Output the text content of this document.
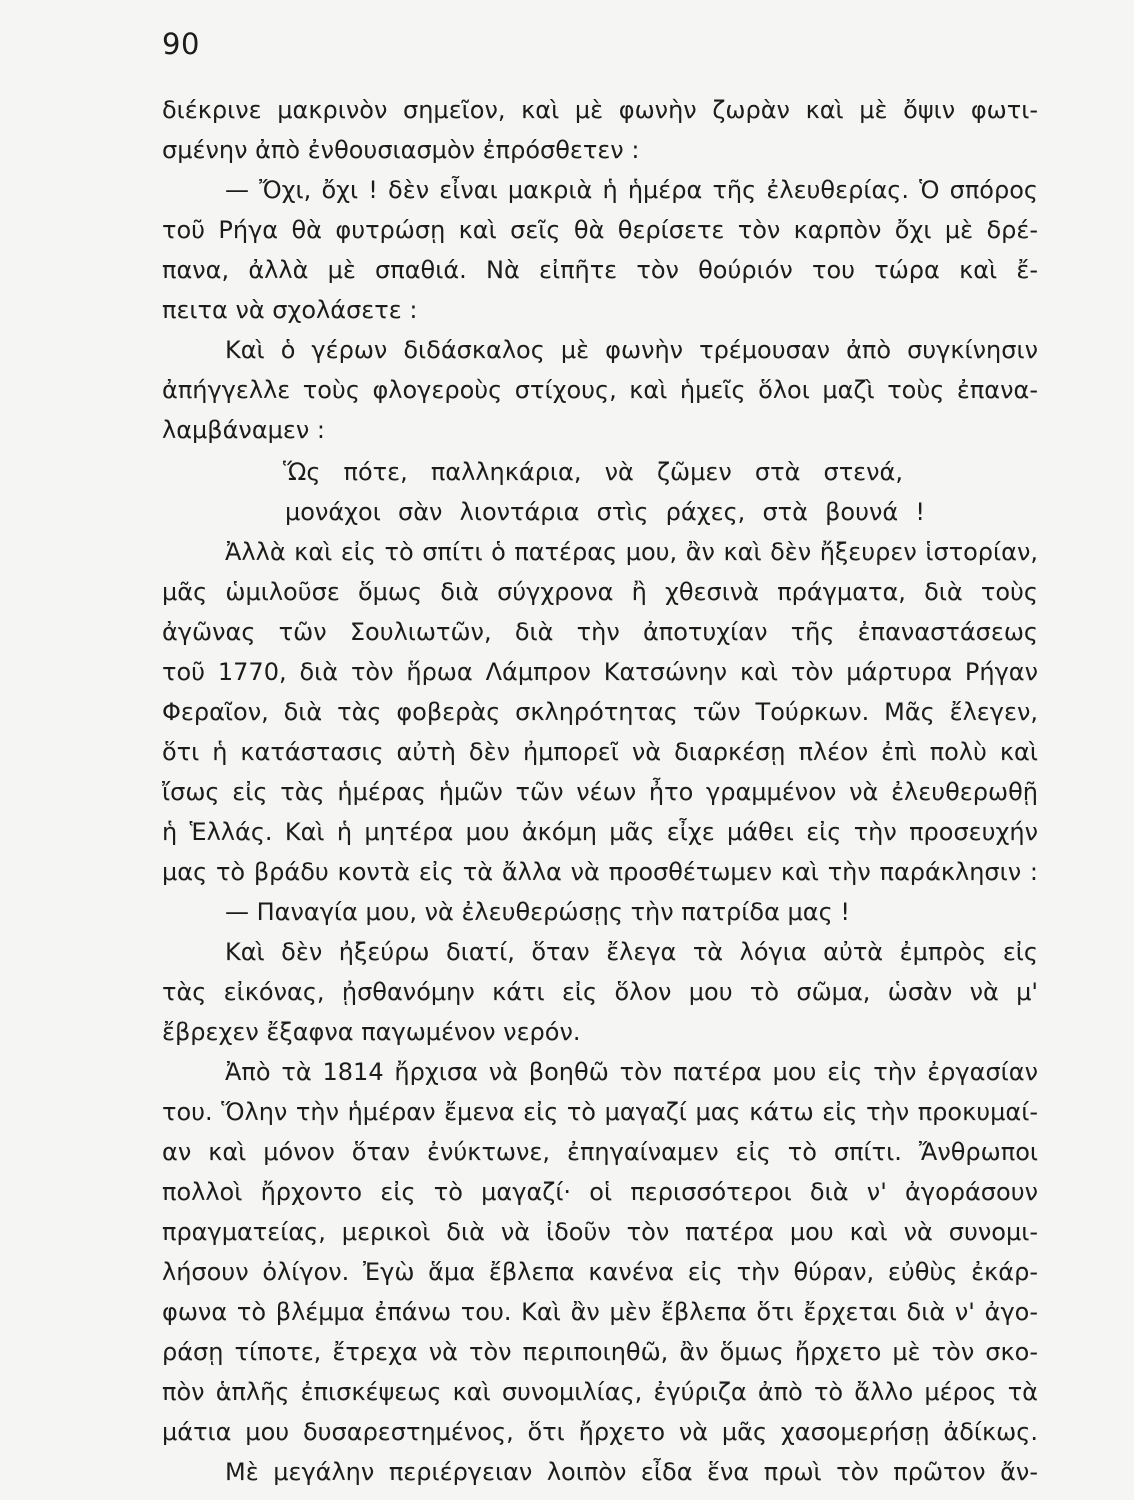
90
διέκρινε μακρινὸν σημεῖον, καὶ μὲ φωνὴν ζωρὰν καὶ μὲ ὄψιν φωτι-
σμένην ἀπὸ ἐνθουσιασμὸν ἐπρόσθετεν :
— Ὄχι, ὄχι ! δὲν εἶναι μακριὰ ἡ ἡμέρα τῆς ἐλευθερίας. Ὁ σπόρος
τοῦ Ρήγα θὰ φυτρώσῃ καὶ σεῖς θὰ θερίσετε τὸν καρπὸν ὄχι μὲ δρέ-
πανα, ἀλλὰ μὲ σπαθιά. Νὰ εἰπῆτε τὸν θούριόν του τώρα καὶ ἔ-
πειτα νὰ σχολάσετε :
Καὶ ὁ γέρων διδάσκαλος μὲ φωνὴν τρέμουσαν ἀπὸ συγκίνησιν
ἀπήγγελλε τοὺς φλογεροὺς στίχους, καὶ ἡμεῖς ὅλοι μαζὶ τοὺς ἐπανα-
λαμβάναμεν :
Ὥς πότε, παλληκάρια, νὰ ζῶμεν στὰ στενά,
μονάχοι σὰν λιοντάρια στὶς ράχες, στὰ βουνά !
Ἀλλὰ καὶ εἰς τὸ σπίτι ὁ πατέρας μου, ἂν καὶ δὲν ἤξευρεν ἱστορίαν,
μᾶς ὡμιλοῦσε ὅμως διὰ σύγχρονα ἢ χθεσινὰ πράγματα, διὰ τοὺς
ἀγῶνας τῶν Σουλιωτῶν, διὰ τὴν ἀποτυχίαν τῆς ἐπαναστάσεως
τοῦ 1770, διὰ τὸν ἥρωα Λάμπρον Κατσώνην καὶ τὸν μάρτυρα Ρήγαν
Φεραῖον, διὰ τὰς φοβερὰς σκληρότητας τῶν Τούρκων. Μᾶς ἔλεγεν,
ὅτι ἡ κατάστασις αὐτὴ δὲν ἠμπορεῖ νὰ διαρκέσῃ πλέον ἐπὶ πολὺ καὶ
ἴσως εἰς τὰς ἡμέρας ἡμῶν τῶν νέων ἦτο γραμμένον νὰ ἐλευθερωθῇ
ἡ Ἑλλάς. Καὶ ἡ μητέρα μου ἀκόμη μᾶς εἶχε μάθει εἰς τὴν προσευχήν
μας τὸ βράδυ κοντὰ εἰς τὰ ἄλλα νὰ προσθέτωμεν καὶ τὴν παράκλησιν :
— Παναγία μου, νὰ ἐλευθερώσῃς τὴν πατρίδα μας !
Καὶ δὲν ἠξεύρω διατί, ὅταν ἔλεγα τὰ λόγια αὐτὰ ἐμπρὸς εἰς
τὰς εἰκόνας, ᾐσθανόμην κάτι εἰς ὅλον μου τὸ σῶμα, ὡσὰν νὰ μ'
ἔβρεχεν ἔξαφνα παγωμένον νερόν.
Ἀπὸ τὰ 1814 ἤρχισα νὰ βοηθῶ τὸν πατέρα μου εἰς τὴν ἐργασίαν
του. Ὅλην τὴν ἡμέραν ἔμενα εἰς τὸ μαγαζί μας κάτω εἰς τὴν προκυμαί-
αν καὶ μόνον ὅταν ἐνύκτωνε, ἐπηγαίναμεν εἰς τὸ σπίτι. Ἄνθρωποι
πολλοὶ ἤρχοντο εἰς τὸ μαγαζί· οἱ περισσότεροι διὰ ν' ἀγοράσουν
πραγματείας, μερικοὶ διὰ νὰ ἰδοῦν τὸν πατέρα μου καὶ νὰ συνομι-
λήσουν ὀλίγον. Ἐγὼ ἅμα ἔβλεπα κανένα εἰς τὴν θύραν, εὐθὺς ἐκάρ-
φωνα τὸ βλέμμα ἐπάνω του. Καὶ ἂν μὲν ἔβλεπα ὅτι ἔρχεται διὰ ν' ἀγο-
ράσῃ τίποτε, ἔτρεχα νὰ τὸν περιποιηθῶ, ἂν ὅμως ἤρχετο μὲ τὸν σκο-
πὸν ἁπλῆς ἐπισκέψεως καὶ συνομιλίας, ἐγύριζα ἀπὸ τὸ ἄλλο μέρος τὰ
μάτια μου δυσαρεστημένος, ὅτι ἤρχετο νὰ μᾶς χασομερήσῃ ἀδίκως.
Μὲ μεγάλην περιέργειαν λοιπὸν εἶδα ἕνα πρωὶ τὸν πρῶτον ἄν-
